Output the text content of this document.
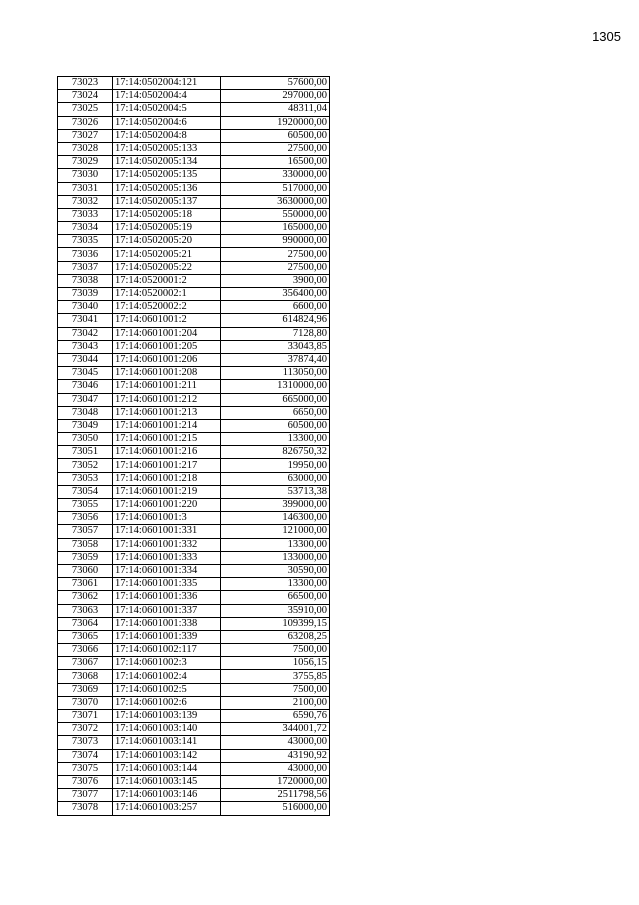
1305
73023	17:14:0502004:121	57600,00
73024	17:14:0502004:4	297000,00
73025	17:14:0502004:5	48311,04
73026	17:14:0502004:6	1920000,00
73027	17:14:0502004:8	60500,00
73028	17:14:0502005:133	27500,00
73029	17:14:0502005:134	16500,00
73030	17:14:0502005:135	330000,00
73031	17:14:0502005:136	517000,00
73032	17:14:0502005:137	3630000,00
73033	17:14:0502005:18	550000,00
73034	17:14:0502005:19	165000,00
73035	17:14:0502005:20	990000,00
73036	17:14:0502005:21	27500,00
73037	17:14:0502005:22	27500,00
73038	17:14:0520001:2	3900,00
73039	17:14:0520002:1	356400,00
73040	17:14:0520002:2	6600,00
73041	17:14:0601001:2	614824,96
73042	17:14:0601001:204	7128,80
73043	17:14:0601001:205	33043,85
73044	17:14:0601001:206	37874,40
73045	17:14:0601001:208	113050,00
73046	17:14:0601001:211	1310000,00
73047	17:14:0601001:212	665000,00
73048	17:14:0601001:213	6650,00
73049	17:14:0601001:214	60500,00
73050	17:14:0601001:215	13300,00
73051	17:14:0601001:216	826750,32
73052	17:14:0601001:217	19950,00
73053	17:14:0601001:218	63000,00
73054	17:14:0601001:219	53713,38
73055	17:14:0601001:220	399000,00
73056	17:14:0601001:3	146300,00
73057	17:14:0601001:331	121000,00
73058	17:14:0601001:332	13300,00
73059	17:14:0601001:333	133000,00
73060	17:14:0601001:334	30590,00
73061	17:14:0601001:335	13300,00
73062	17:14:0601001:336	66500,00
73063	17:14:0601001:337	35910,00
73064	17:14:0601001:338	109399,15
73065	17:14:0601001:339	63208,25
73066	17:14:0601002:117	7500,00
73067	17:14:0601002:3	1056,15
73068	17:14:0601002:4	3755,85
73069	17:14:0601002:5	7500,00
73070	17:14:0601002:6	2100,00
73071	17:14:0601003:139	6590,76
73072	17:14:0601003:140	344001,72
73073	17:14:0601003:141	43000,00
73074	17:14:0601003:142	43190,92
73075	17:14:0601003:144	43000,00
73076	17:14:0601003:145	1720000,00
73077	17:14:0601003:146	2511798,56
73078	17:14:0601003:257	516000,00
